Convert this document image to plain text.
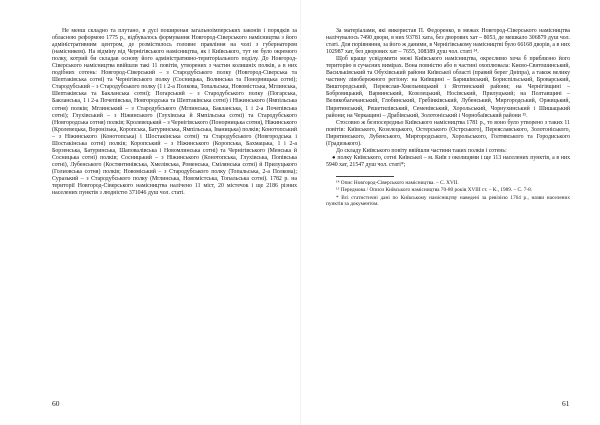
Не менш складно та плутано, в дусі поширеная загальноімперських законів і порядків за обласною реформою 1775 р., відбувалось формування Новгород-Сіверського намісництва з його адміністративним центром, де розмістилось головне правління на чолі з губернатором (намісником). На відміну від Чернігівського намісництва, як і Київського, тут не було окремого полку, котрий би складав основу його адміністративно-територіального поділу. До Новгород-Сіверського намісництва ввійшли такі 11 повітів, утворених з частин колишніх полків, а в них подібних сотень: Новгород-Сіверський – з Стародубського полку (Новгород-Сіверська та Шептаківська сотні) та Чернігівського полку (Сосницька, Волинська та Понорницька сотні); Стародубський – з Стародубського полку (1 і 2-а Полкова, Топальська, Новомістська, Мглинська, Шептаківська та Бакланська сотні); Погарський – з Стародубського полку (Погарська, Бакланська, 1 і 2-а Почепівська, Новгородська та Шептаківська сотні) і Ніжинського (Ямпільська сотня) полків; Мглинський – з Стародубського (Мглинська, Бакланська, 1 і 2-а Почепівська сотні); Глухівський – з Ніжинського (Глухівська й Ямпільська сотні) та Стародубського (Новгородська сотня) полків; Кролевецький – з Чернігівського (Понорницька сотня), Ніжинського (Кролевецька, Воронізька, Коропська, Батуринська, Ямпільська, Іваницька) полків; Конотопський – з Ніжинського (Конотопська) і Шостакінська сотні) та Стародубського (Новгородська і Шостакінська сотні) полків; Коропський – з Ніжинського (Коропська, Бахмацька, 1 і 2-а Борзенська, Батуринська, Шаповалівська і Новомлинська сотні) та Чернігівського (Менська й Сосницька сотні) полків; Сосницький – з Ніжинського (Конотопська, Глухівська, Попівська сотні), Лубенського (Костянтинівська, Хмелівська, Роменська, Смілянська сотні) й Прилуцького (Голиовська сотня) полків; Новоміський – з Стародубського полку (Топальська, 2-а Полкова); Суразький – з Стародубського полку (Мглинська, Новомістська, Топальська сотні). 1782 р. на території Новгород-Сіверського намісництва налічено 11 міст, 20 містечок і ще 2186 різних населених пунктів з людністю 371046 душ чол. статі.

За матеріалами, які використав П. Федоренко, в межах Новгород-Сіверського намісництва налічувалось 7490 двори, в них 93781 хата, без дворових хат – 8053, де мешкало 306879 душ чол. статі. Для порівняння, за його ж даними, в Чернігівському намісництві було 66168 дворів, а в них 102987 хат, без дворових хат – 7655, 308389 душ чол. статі ¹⁴.

Щоб краще усвідомити межі Київського намісництва, окреслимо хоча б приблизно його територію в сучасних вимірах. Вона повністю або в частині охоплювала: Києво-Святошинський, Васильківський та Обухівський райони Київської області (правий берег Дніпра), а також велику частину лівобережного регіону: на Київщині – Баришівський, Бориспільський, Броварський, Вишгородський, Переяслав-Хмельницький і Яготинський райони; на Чернігівщині – Бобровицький, Варвинський, Козелецький, Носівський, Прилуцький; на Полтавщині – Великобагачанський, Глобинський, Гребінківський, Лубенський, Миргородський, Оржицький, Пирятинський, Решетилівський, Семенівський, Хорольський, Чорнухинський і Шишацький райони; на Черкащині – Драбівський, Золотоніський і Чорнобаївський райони ¹⁵.

Стосовно ж безпосередньо Київського намісництва 1781 р., то воно було утворено з таких 11 повітів: Київського, Козелецького, Остерського (Острського), Переяславського, Золотоніського, Пирятинського, Лубенського, Миргородського, Хорольського, Голтявського та Городиського (Градизького).

До складу Київського повіту ввійшли частини таких полків і сотень:

● полку Київського, сотні Київської – м. Київ з околицями і ще 113 населених пунктів, а в них 5940 хат, 21547 душ чол. статі*;

¹⁴ Опис Новгород-Сіверського намісництва. – С. XVII.

¹⁵ Передмова / Описи Київського намісництва 70-80 років XVIII ст. – К., 1989. – С. 7-8.

* Всі статистичні дані по Київському намісництву наведені за ревізією 1764 р., назви населених пунктів за документом.

60	61
